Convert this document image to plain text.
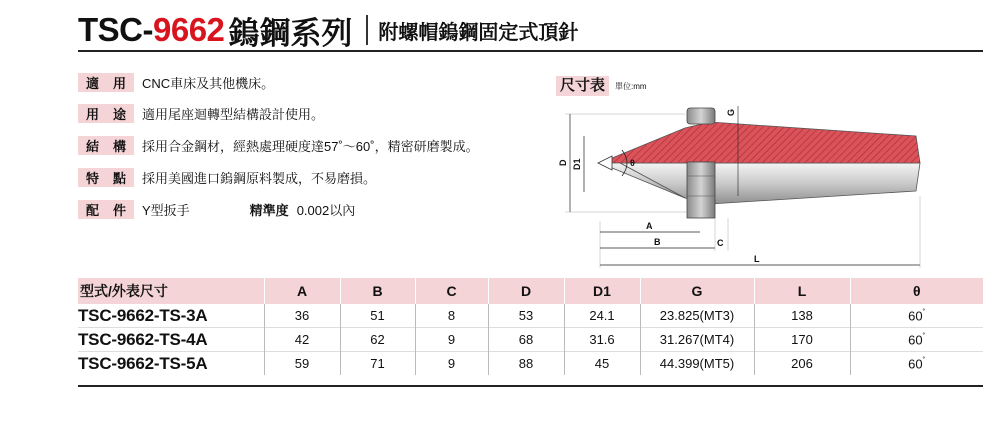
TSC- 9662 鎢鋼系列 附螺帽鎢鋼固定式頂針
適 用 CNC車床及其他機床。
用 途 適用尾座迴轉型結構設計使用。
結 構 採用合金鋼材，經熱處理硬度達57˚～60˚，精密研磨製成。
特 點 採用美國進口鎢鋼原料製成，不易磨損。
配 件 Y型扳手	精準度 0.002以內
尺寸表	單位:mm
θ
D D1
G
A
B	C
L
型式/外表尺寸	A	B	C	D	D1	G	L	θ
TSC-9662-TS-3A	36	51	8	53	24.1	23.825(MT3)	138	60˚
TSC-9662-TS-4A	42	62	9	68	31.6	31.267(MT4)	170	60˚
TSC-9662-TS-5A	59	71	9	88	45	44.399(MT5)	206	60˚
